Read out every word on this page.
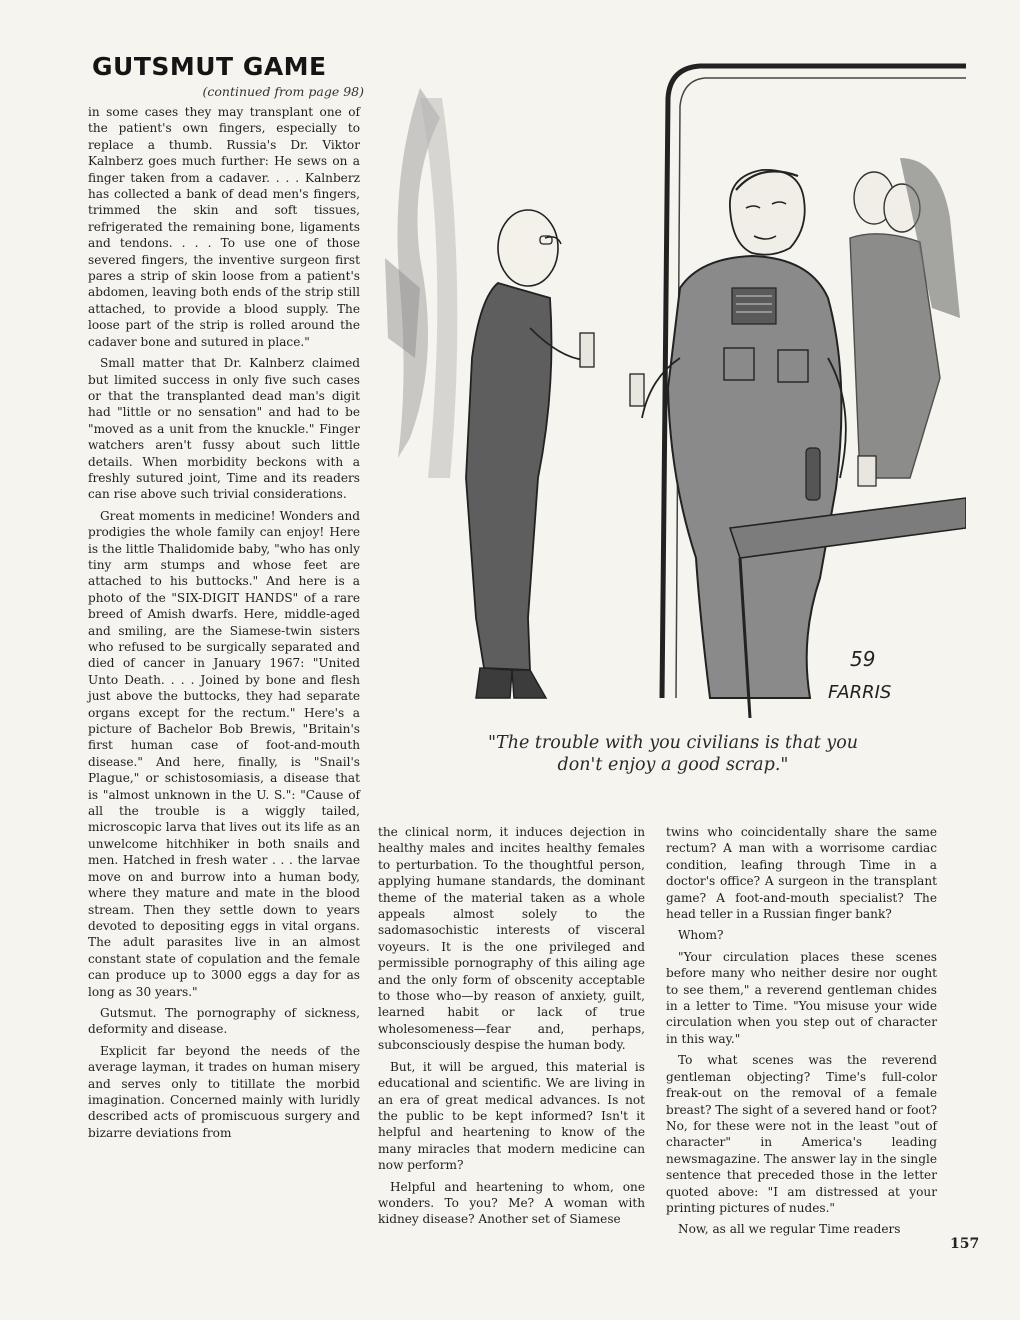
GUTSMUT GAME
(continued from page 98)

in some cases they may transplant one of the patient's own fingers, especially to replace a thumb. Russia's Dr. Viktor Kalnberz goes much further: He sews on a finger taken from a cadaver. . . . Kalnberz has collected a bank of dead men's fingers, trimmed the skin and soft tissues, refrigerated the remaining bone, ligaments and tendons. . . . To use one of those severed fingers, the inventive surgeon first pares a strip of skin loose from a patient's abdomen, leaving both ends of the strip still attached, to provide a blood supply. The loose part of the strip is rolled around the cadaver bone and sutured in place."

Small matter that Dr. Kalnberz claimed but limited success in only five such cases or that the transplanted dead man's digit had "little or no sensation" and had to be "moved as a unit from the knuckle." Finger watchers aren't fussy about such little details. When morbidity beckons with a freshly sutured joint, Time and its readers can rise above such trivial considerations.

Great moments in medicine! Wonders and prodigies the whole family can enjoy! Here is the little Thalidomide baby, "who has only tiny arm stumps and whose feet are attached to his buttocks." And here is a photo of the "SIX-DIGIT HANDS" of a rare breed of Amish dwarfs. Here, middle-aged and smiling, are the Siamese-twin sisters who refused to be surgically separated and died of cancer in January 1967: "United Unto Death. . . . Joined by bone and flesh just above the buttocks, they had separate organs except for the rectum." Here's a picture of Bachelor Bob Brewis, "Britain's first human case of foot-and-mouth disease." And here, finally, is "Snail's Plague," or schistosomiasis, a disease that is "almost unknown in the U. S.": "Cause of all the trouble is a wiggly tailed, microscopic larva that lives out its life as an unwelcome hitchhiker in both snails and men. Hatched in fresh water . . . the larvae move on and burrow into a human body, where they mature and mate in the blood stream. Then they settle down to years devoted to depositing eggs in vital organs. The adult parasites live in an almost constant state of copulation and the female can produce up to 3000 eggs a day for as long as 30 years."

Gutsmut. The pornography of sickness, deformity and disease.

Explicit far beyond the needs of the average layman, it trades on human misery and serves only to titillate the morbid imagination. Concerned mainly with luridly described acts of promiscuous surgery and bizarre deviations from

59
FARRIS
"The trouble with you civilians is that you
don't enjoy a good scrap."

the clinical norm, it induces dejection in healthy males and incites healthy females to perturbation. To the thoughtful person, applying humane standards, the dominant theme of the material taken as a whole appeals almost solely to the sadomasochistic interests of visceral voyeurs. It is the one privileged and permissible pornography of this ailing age and the only form of obscenity acceptable to those who—by reason of anxiety, guilt, learned habit or lack of true wholesomeness—fear and, perhaps, subconsciously despise the human body.

But, it will be argued, this material is educational and scientific. We are living in an era of great medical advances. Is not the public to be kept informed? Isn't it helpful and heartening to know of the many miracles that modern medicine can now perform?

Helpful and heartening to whom, one wonders. To you? Me? A woman with kidney disease? Another set of Siamese

twins who coincidentally share the same rectum? A man with a worrisome cardiac condition, leafing through Time in a doctor's office? A surgeon in the transplant game? A foot-and-mouth specialist? The head teller in a Russian finger bank?

Whom?

"Your circulation places these scenes before many who neither desire nor ought to see them," a reverend gentleman chides in a letter to Time. "You misuse your wide circulation when you step out of character in this way."

To what scenes was the reverend gentleman objecting? Time's full-color freak-out on the removal of a female breast? The sight of a severed hand or foot? No, for these were not in the least "out of character" in America's leading newsmagazine. The answer lay in the single sentence that preceded those in the letter quoted above: "I am distressed at your printing pictures of nudes."

Now, as all we regular Time readers

157
